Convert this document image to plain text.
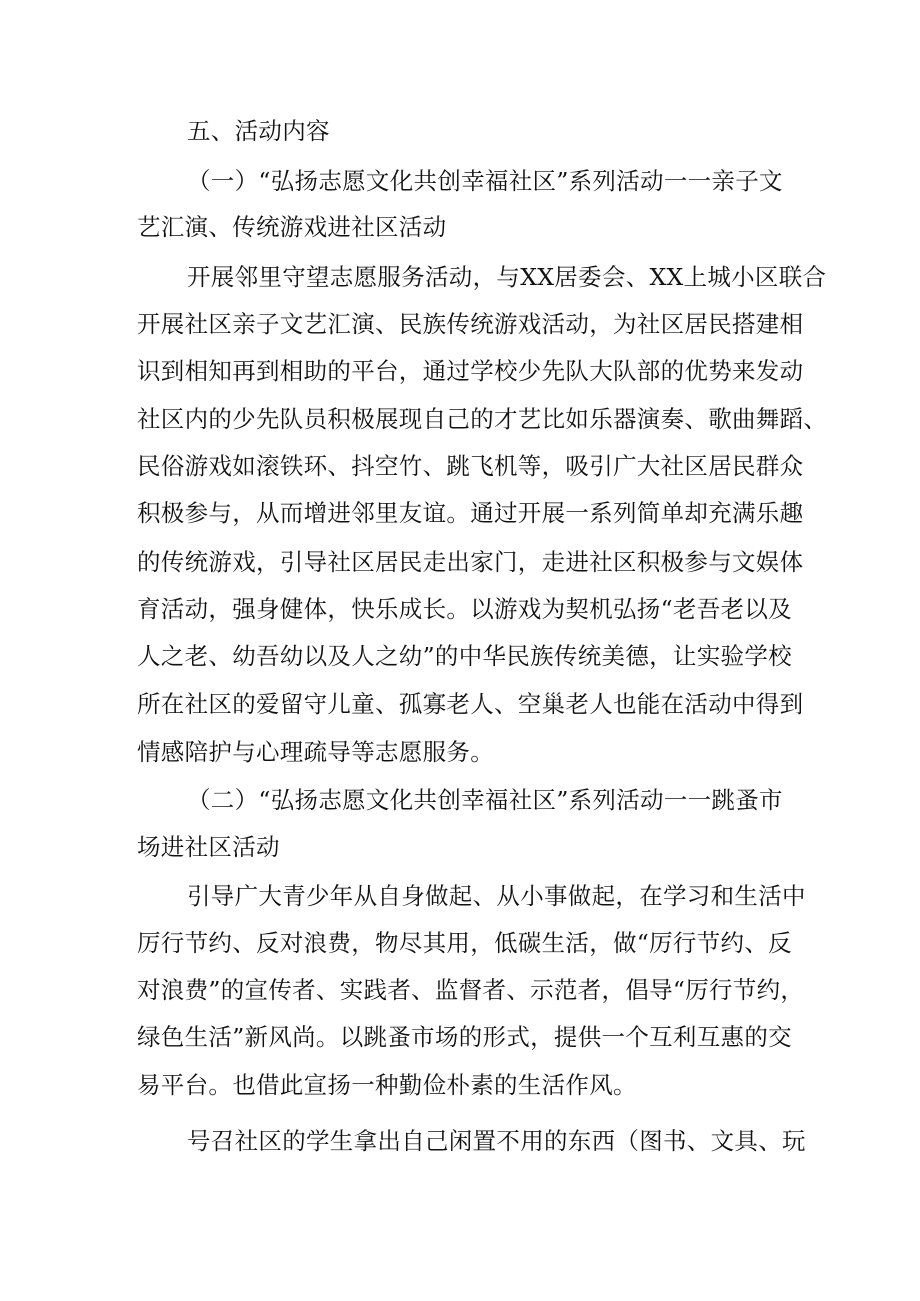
五、活动内容
（一）“弘扬志愿文化共创幸福社区”系列活动一一亲子文
艺汇演、传统游戏进社区活动
开展邻里守望志愿服务活动，与XX居委会、XX上城小区联合
开展社区亲子文艺汇演、民族传统游戏活动，为社区居民搭建相
识到相知再到相助的平台，通过学校少先队大队部的优势来发动
社区内的少先队员积极展现自己的才艺比如乐器演奏、歌曲舞蹈、
民俗游戏如滚铁环、抖空竹、跳飞机等，吸引广大社区居民群众
积极参与，从而增进邻里友谊。通过开展一系列简单却充满乐趣
的传统游戏，引导社区居民走出家门，走进社区积极参与文娱体
育活动，强身健体，快乐成长。以游戏为契机弘扬“老吾老以及
人之老、幼吾幼以及人之幼”的中华民族传统美德，让实验学校
所在社区的爱留守儿童、孤寡老人、空巢老人也能在活动中得到
情感陪护与心理疏导等志愿服务。
（二）“弘扬志愿文化共创幸福社区”系列活动一一跳蚤市
场进社区活动
引导广大青少年从自身做起、从小事做起，在学习和生活中
厉行节约、反对浪费，物尽其用，低碳生活，做“厉行节约、反
对浪费”的宣传者、实践者、监督者、示范者，倡导“厉行节约，
绿色生活”新风尚。以跳蚤市场的形式，提供一个互利互惠的交
易平台。也借此宣扬一种勤俭朴素的生活作风。
号召社区的学生拿出自己闲置不用的东西（图书、文具、玩
